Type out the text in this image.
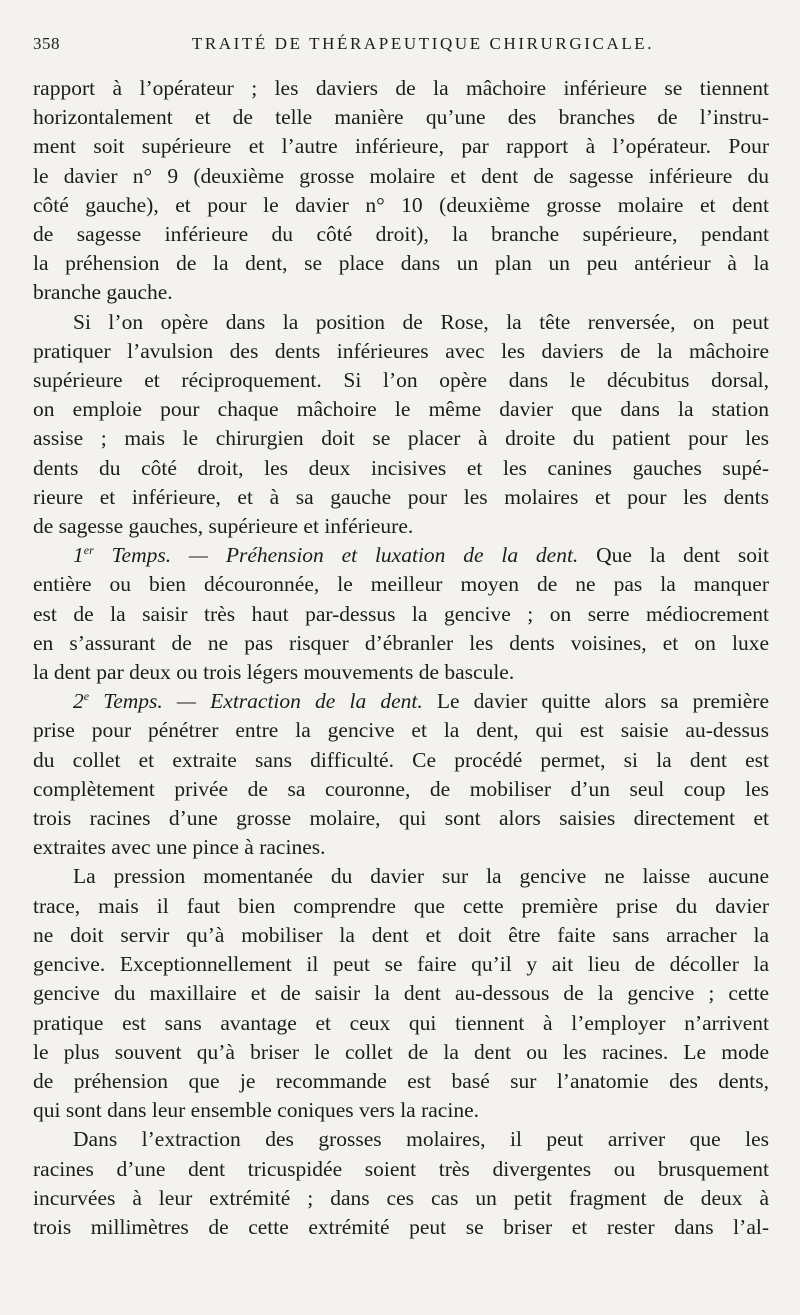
358	TRAITÉ DE THÉRAPEUTIQUE CHIRURGICALE.

rapport à l’opérateur ; les daviers de la mâchoire inférieure se tiennent
horizontalement et de telle manière qu’une des branches de l’instru-
ment soit supérieure et l’autre inférieure, par rapport à l’opérateur. Pour
le davier n° 9 (deuxième grosse molaire et dent de sagesse inférieure du
côté gauche), et pour le davier n° 10 (deuxième grosse molaire et dent
de sagesse inférieure du côté droit), la branche supérieure, pendant
la préhension de la dent, se place dans un plan un peu antérieur à la
branche gauche.

Si l’on opère dans la position de Rose, la tête renversée, on peut
pratiquer l’avulsion des dents inférieures avec les daviers de la mâchoire
supérieure et réciproquement. Si l’on opère dans le décubitus dorsal,
on emploie pour chaque mâchoire le même davier que dans la station
assise ; mais le chirurgien doit se placer à droite du patient pour les
dents du côté droit, les deux incisives et les canines gauches supé-
rieure et inférieure, et à sa gauche pour les molaires et pour les dents
de sagesse gauches, supérieure et inférieure.

1er Temps. — Préhension et luxation de la dent. Que la dent soit
entière ou bien découronnée, le meilleur moyen de ne pas la manquer
est de la saisir très haut par-dessus la gencive ; on serre médiocrement
en s’assurant de ne pas risquer d’ébranler les dents voisines, et on luxe
la dent par deux ou trois légers mouvements de bascule.

2e Temps. — Extraction de la dent. Le davier quitte alors sa première
prise pour pénétrer entre la gencive et la dent, qui est saisie au-dessus
du collet et extraite sans difficulté. Ce procédé permet, si la dent est
complètement privée de sa couronne, de mobiliser d’un seul coup les
trois racines d’une grosse molaire, qui sont alors saisies directement et
extraites avec une pince à racines.

La pression momentanée du davier sur la gencive ne laisse aucune
trace, mais il faut bien comprendre que cette première prise du davier
ne doit servir qu’à mobiliser la dent et doit être faite sans arracher la
gencive. Exceptionnellement il peut se faire qu’il y ait lieu de décoller la
gencive du maxillaire et de saisir la dent au-dessous de la gencive ; cette
pratique est sans avantage et ceux qui tiennent à l’employer n’arrivent
le plus souvent qu’à briser le collet de la dent ou les racines. Le mode
de préhension que je recommande est basé sur l’anatomie des dents,
qui sont dans leur ensemble coniques vers la racine.

Dans l’extraction des grosses molaires, il peut arriver que les
racines d’une dent tricuspidée soient très divergentes ou brusquement
incurvées à leur extrémité ; dans ces cas un petit fragment de deux à
trois millimètres de cette extrémité peut se briser et rester dans l’al-
